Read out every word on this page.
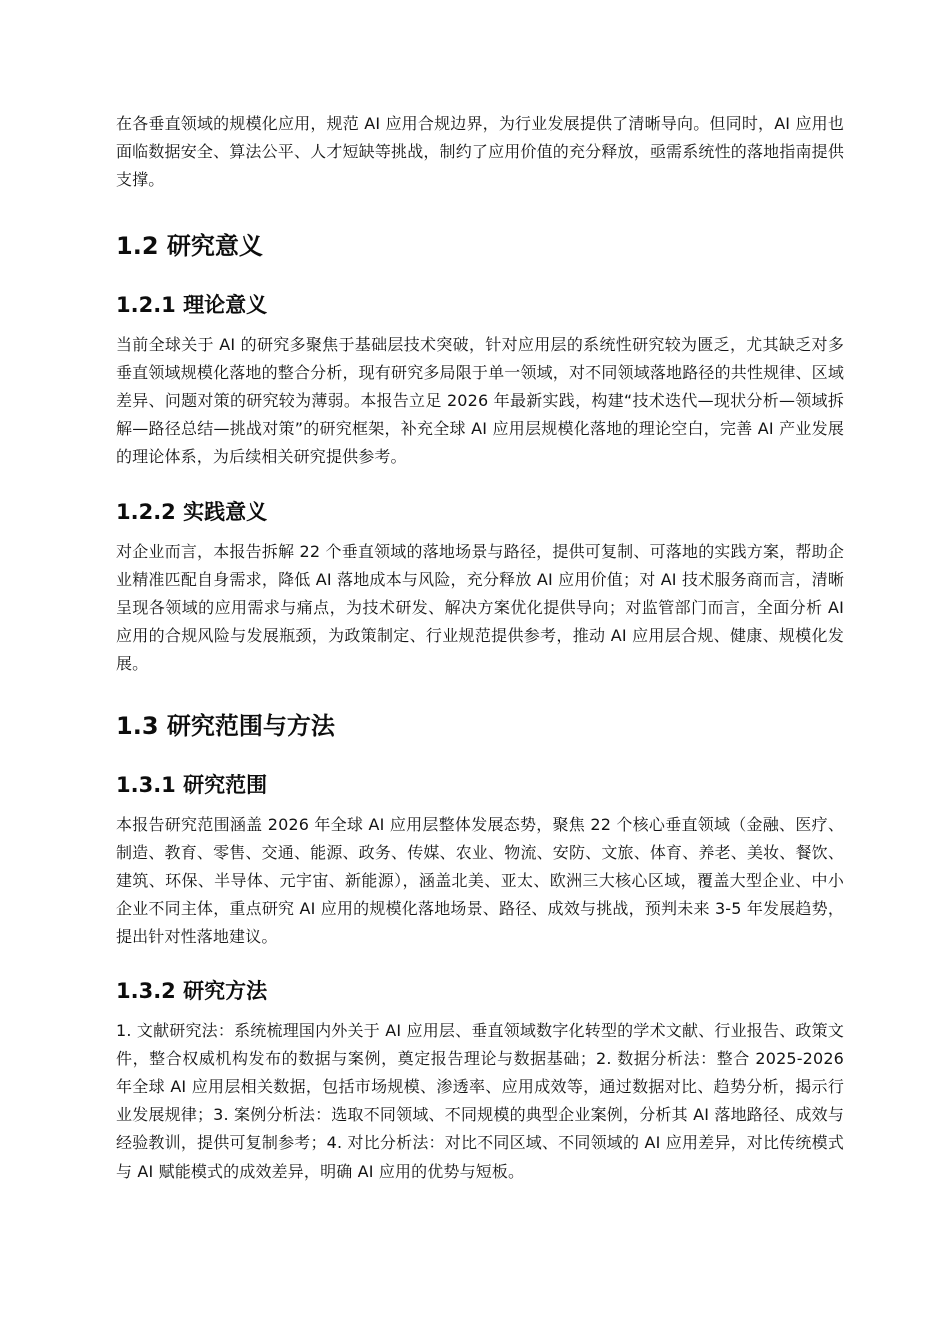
在各垂直领域的规模化应用，规范 AI 应用合规边界，为行业发展提供了清晰导向。但同时，AI 应用也面临数据安全、算法公平、人才短缺等挑战，制约了应用价值的充分释放，亟需系统性的落地指南提供支撑。

1.2 研究意义
1.2.1 理论意义

当前全球关于 AI 的研究多聚焦于基础层技术突破，针对应用层的系统性研究较为匮乏，尤其缺乏对多垂直领域规模化落地的整合分析，现有研究多局限于单一领域，对不同领域落地路径的共性规律、区域差异、问题对策的研究较为薄弱。本报告立足 2026 年最新实践，构建“技术迭代—现状分析—领域拆解—路径总结—挑战对策”的研究框架，补充全球 AI 应用层规模化落地的理论空白，完善 AI 产业发展的理论体系，为后续相关研究提供参考。

1.2.2 实践意义

对企业而言，本报告拆解 22 个垂直领域的落地场景与路径，提供可复制、可落地的实践方案，帮助企业精准匹配自身需求，降低 AI 落地成本与风险，充分释放 AI 应用价值；对 AI 技术服务商而言，清晰呈现各领域的应用需求与痛点，为技术研发、解决方案优化提供导向；对监管部门而言，全面分析 AI 应用的合规风险与发展瓶颈，为政策制定、行业规范提供参考，推动 AI 应用层合规、健康、规模化发展。

1.3 研究范围与方法
1.3.1 研究范围

本报告研究范围涵盖 2026 年全球 AI 应用层整体发展态势，聚焦 22 个核心垂直领域（金融、医疗、制造、教育、零售、交通、能源、政务、传媒、农业、物流、安防、文旅、体育、养老、美妆、餐饮、建筑、环保、半导体、元宇宙、新能源），涵盖北美、亚太、欧洲三大核心区域，覆盖大型企业、中小企业不同主体，重点研究 AI 应用的规模化落地场景、路径、成效与挑战，预判未来 3-5 年发展趋势，提出针对性落地建议。

1.3.2 研究方法

1. 文献研究法：系统梳理国内外关于 AI 应用层、垂直领域数字化转型的学术文献、行业报告、政策文件，整合权威机构发布的数据与案例，奠定报告理论与数据基础；2. 数据分析法：整合 2025-2026 年全球 AI 应用层相关数据，包括市场规模、渗透率、应用成效等，通过数据对比、趋势分析，揭示行业发展规律；3. 案例分析法：选取不同领域、不同规模的典型企业案例，分析其 AI 落地路径、成效与经验教训，提供可复制参考；4. 对比分析法：对比不同区域、不同领域的 AI 应用差异，对比传统模式与 AI 赋能模式的成效差异，明确 AI 应用的优势与短板。
